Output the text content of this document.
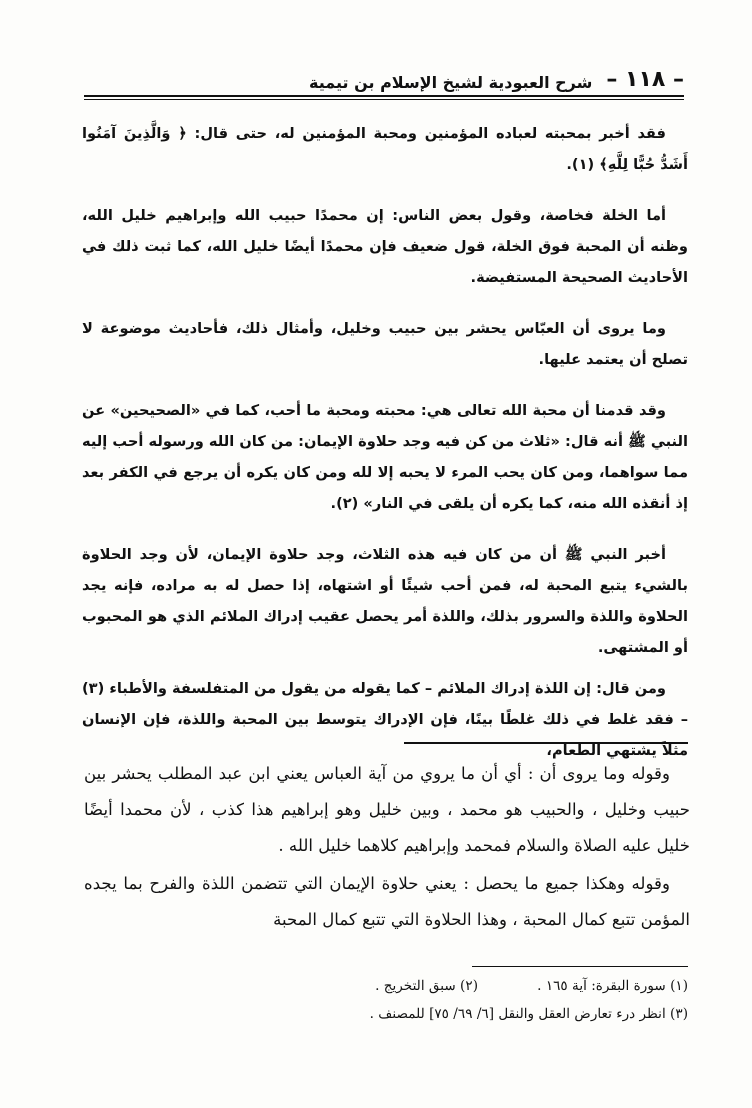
– ١١٨ –
شرح العبودية لشيخ الإسلام بن تيمية

فقد أخبر بمحبته لعباده المؤمنين ومحبة المؤمنين له، حتى قال: ﴿ وَالَّذِينَ آمَنُوا أَشَدُّ حُبًّا لِلَّهِ﴾ (١).

أما الخلة فخاصة، وقول بعض الناس: إن محمدًا حبيب الله وإبراهيم خليل الله، وظنه أن المحبة فوق الخلة، قول ضعيف فإن محمدًا أيضًا خليل الله، كما ثبت ذلك في الأحاديث الصحيحة المستفيضة.

وما يروى أن العبّاس يحشر بين حبيب وخليل، وأمثال ذلك، فأحاديث موضوعة لا تصلح أن يعتمد عليها.

وقد قدمنا أن محبة الله تعالى هي: محبته ومحبة ما أحب، كما في «الصحيحين» عن النبي ﷺ أنه قال: «ثلاث من كن فيه وجد حلاوة الإيمان: من كان الله ورسوله أحب إليه مما سواهما، ومن كان يحب المرء لا يحبه إلا لله ومن كان يكره أن يرجع في الكفر بعد إذ أنقذه الله منه، كما يكره أن يلقى في النار» (٢).

أخبر النبي ﷺ أن من كان فيه هذه الثلاث، وجد حلاوة الإيمان، لأن وجد الحلاوة بالشيء يتبع المحبة له، فمن أحب شيئًا أو اشتهاه، إذا حصل له به مراده، فإنه يجد الحلاوة واللذة والسرور بذلك، واللذة أمر يحصل عقيب إدراك الملائم الذي هو المحبوب أو المشتهى.

ومن قال: إن اللذة إدراك الملائم – كما يقوله من يقول من المتفلسفة والأطباء (٣) – فقد غلط في ذلك غلطًا بينًا، فإن الإدراك يتوسط بين المحبة واللذة، فإن الإنسان مثلاً يشتهي الطعام،

وقوله وما يروى أن : أي أن ما يروي من آية العباس يعني ابن عبد المطلب يحشر بين حبيب وخليل ، والحبيب هو محمد ، وبين خليل وهو إبراهيم هذا كذب ، لأن محمدا أيضًا خليل عليه الصلاة والسلام فمحمد وإبراهيم كلاهما خليل الله .

وقوله وهكذا جميع ما يحصل : يعني حلاوة الإيمان التي تتضمن اللذة والفرح بما يجده المؤمن تتبع كمال المحبة ، وهذا الحلاوة التي تتبع كمال المحبة

(١) سورة البقرة: آية ١٦٥ .
(٢) سبق التخريج .
(٣) انظر درء تعارض العقل والنقل [٦/ ٦٩/ ٧٥] للمصنف .
